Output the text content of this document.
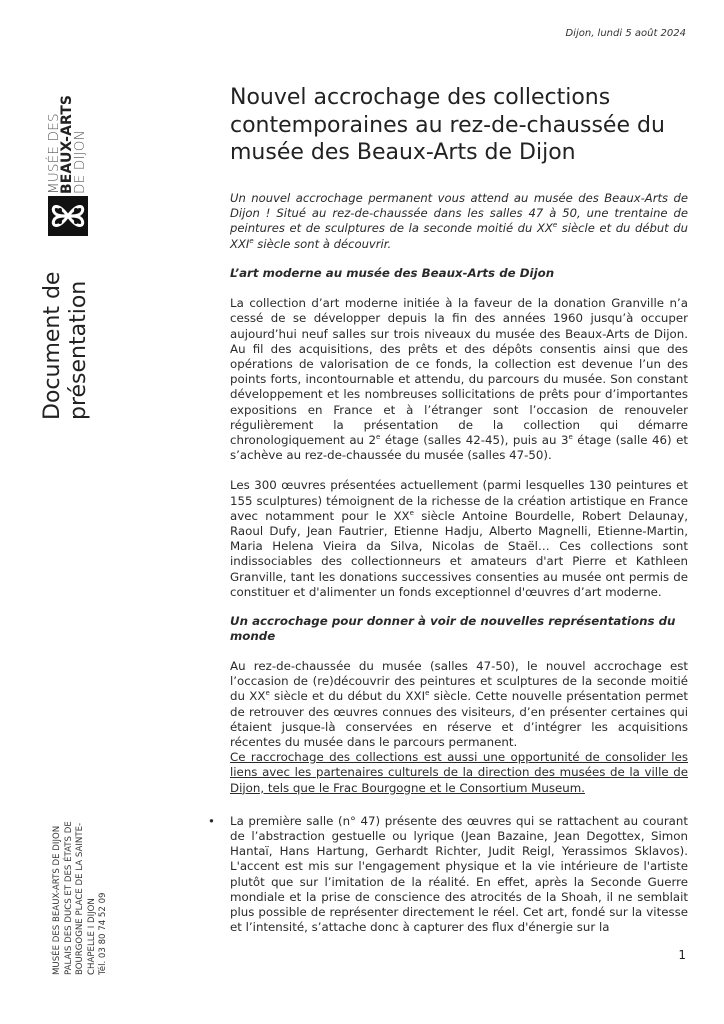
Dijon, lundi 5 août 2024
MUSÉE DES
BEAUX-ARTS
DE DIJON
Document de présentation
MUSÉE DES BEAUX-ARTS DE DIJON PALAIS DES DUCS ET DES ÉTATS DE BOURGOGNE PLACE DE LA SAINTE- CHAPELLE I DIJON Tél. 03 80 74 52 09
Nouvel accrochage des collections contemporaines au rez-de-chaussée du musée des Beaux-Arts de Dijon

Un nouvel accrochage permanent vous attend au musée des Beaux-Arts de Dijon ! Situé au rez-de-chaussée dans les salles 47 à 50, une trentaine de peintures et de sculptures de la seconde moitié du XXe siècle et du début du XXIe siècle sont à découvrir.

L’art moderne au musée des Beaux-Arts de Dijon

La collection d’art moderne initiée à la faveur de la donation Granville n’a cessé de se développer depuis la fin des années 1960 jusqu’à occuper aujourd’hui neuf salles sur trois niveaux du musée des Beaux-Arts de Dijon. Au fil des acquisitions, des prêts et des dépôts consentis ainsi que des opérations de valorisation de ce fonds, la collection est devenue l’un des points forts, incontournable et attendu, du parcours du musée. Son constant développement et les nombreuses sollicitations de prêts pour d’importantes expositions en France et à l’étranger sont l’occasion de renouveler régulièrement la présentation de la collection qui démarre chronologiquement au 2e étage (salles 42-45), puis au 3e étage (salle 46) et s’achève au rez-de-chaussée du musée (salles 47-50).

Les 300 œuvres présentées actuellement (parmi lesquelles 130 peintures et 155 sculptures) témoignent de la richesse de la création artistique en France avec notamment pour le XXe siècle Antoine Bourdelle, Robert Delaunay, Raoul Dufy, Jean Fautrier, Etienne Hadju, Alberto Magnelli, Etienne-Martin, Maria Helena Vieira da Silva, Nicolas de Staël… Ces collections sont indissociables des collectionneurs et amateurs d'art Pierre et Kathleen Granville, tant les donations successives consenties au musée ont permis de constituer et d'alimenter un fonds exceptionnel d'œuvres d’art moderne.

Un accrochage pour donner à voir de nouvelles représentations du monde

Au rez-de-chaussée du musée (salles 47-50), le nouvel accrochage est l’occasion de (re)découvrir des peintures et sculptures de la seconde moitié du XXe siècle et du début du XXIe siècle. Cette nouvelle présentation permet de retrouver des œuvres connues des visiteurs, d’en présenter certaines qui étaient jusque-là conservées en réserve et d’intégrer les acquisitions récentes du musée dans le parcours permanent.

Ce raccrochage des collections est aussi une opportunité de consolider les liens avec les partenaires culturels de la direction des musées de la ville de Dijon, tels que le Frac Bourgogne et le Consortium Museum.

• La première salle (n° 47) présente des œuvres qui se rattachent au courant de l’abstraction gestuelle ou lyrique (Jean Bazaine, Jean Degottex, Simon Hantaï, Hans Hartung, Gerhardt Richter, Judit Reigl, Yerassimos Sklavos). L'accent est mis sur l'engagement physique et la vie intérieure de l'artiste plutôt que sur l’imitation de la réalité. En effet, après la Seconde Guerre mondiale et la prise de conscience des atrocités de la Shoah, il ne semblait plus possible de représenter directement le réel. Cet art, fondé sur la vitesse et l’intensité, s’attache donc à capturer des flux d'énergie sur la
1
